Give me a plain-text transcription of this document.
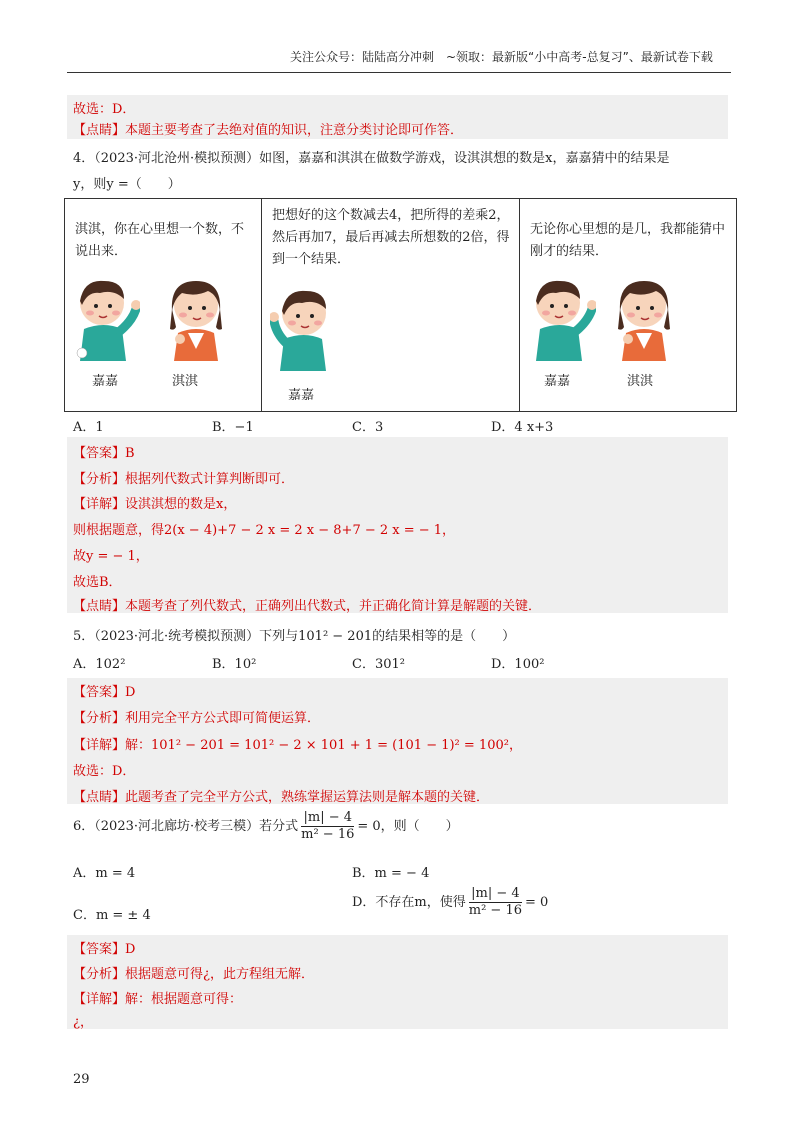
关注公众号：陆陆高分冲刺　~领取：最新版“小中高考-总复习”、最新试卷下载
故选：D．
【点睛】本题主要考查了去绝对值的知识，注意分类讨论即可作答．
4．（2023·河北沧州·模拟预测）如图，嘉嘉和淇淇在做数学游戏，设淇淇想的数是x，嘉嘉猜中的结果是
y，则y =（　　）
淇淇，你在心里想一个数，不说出来．
嘉嘉	淇淇
把想好的这个数减去4，把所得的差乘2，然后再加7，最后再减去所想数的2倍，得到一个结果．
嘉嘉
无论你心里想的是几，我都能猜中刚才的结果．
嘉嘉	淇淇
A．1	B．−1	C．3	D．4 x+3
【答案】B
【分析】根据列代数式计算判断即可．
【详解】设淇淇想的数是x，
则根据题意，得2(x − 4)+7 − 2 x = 2 x − 8+7 − 2 x = − 1，
故y = − 1，
故选B．
【点睛】本题考查了列代数式，正确列出代数式，并正确化简计算是解题的关键．
5．（2023·河北·统考模拟预测）下列与101² − 201的结果相等的是（　　）
A．102²	B．10²	C．301²	D．100²
【答案】D
【分析】利用完全平方公式即可简便运算．
【详解】解：101² − 201 = 101² − 2 × 101 + 1 = (101 − 1)² = 100²，
故选：D．
【点睛】此题考查了完全平方公式，熟练掌握运算法则是解本题的关键．
6．（2023·河北廊坊·校考三模）若分式 $\frac{|m| - 4}{\text{m² − 16}} = 0$，则（　　）
A．m = 4	B．m = − 4
C．m = ± 4
D．不存在m，使得 $\frac{|m| - 4}{\text{m² − 16}} = 0$
【答案】D
【分析】根据题意可得¿，此方程组无解．
【详解】解：根据题意可得：
¿，
29
